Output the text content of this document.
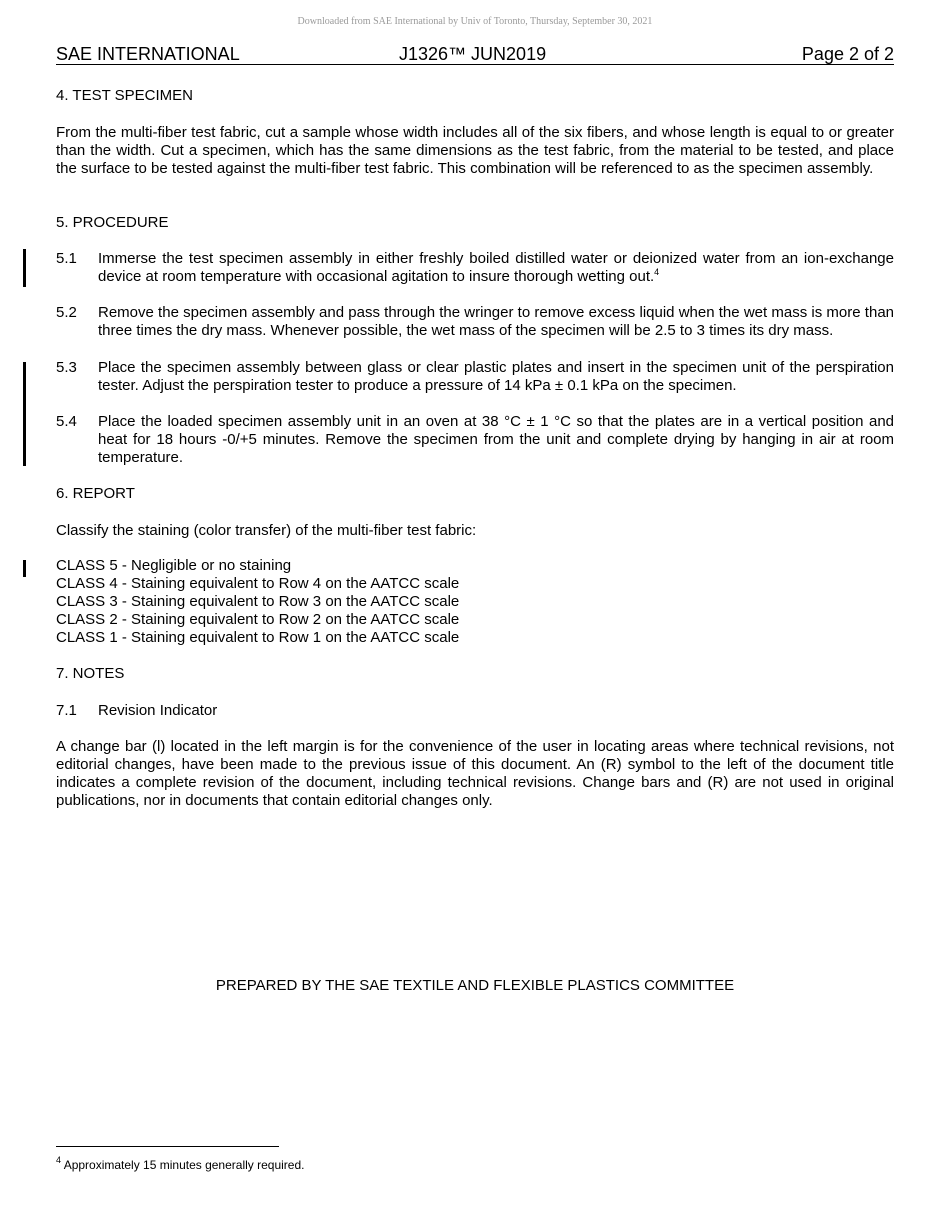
Downloaded from SAE International by Univ of Toronto, Thursday, September 30, 2021
SAE INTERNATIONAL	J1326™ JUN2019	Page 2 of 2
4. TEST SPECIMEN
From the multi-fiber test fabric, cut a sample whose width includes all of the six fibers, and whose length is equal to or greater than the width. Cut a specimen, which has the same dimensions as the test fabric, from the material to be tested, and place the surface to be tested against the multi-fiber test fabric. This combination will be referenced to as the specimen assembly.
5. PROCEDURE
5.1 Immerse the test specimen assembly in either freshly boiled distilled water or deionized water from an ion-exchange device at room temperature with occasional agitation to insure thorough wetting out.$^4$
5.2 Remove the specimen assembly and pass through the wringer to remove excess liquid when the wet mass is more than three times the dry mass. Whenever possible, the wet mass of the specimen will be 2.5 to 3 times its dry mass.
5.3 Place the specimen assembly between glass or clear plastic plates and insert in the specimen unit of the perspiration tester. Adjust the perspiration tester to produce a pressure of 14 kPa ± 0.1 kPa on the specimen.
5.4 Place the loaded specimen assembly unit in an oven at 38 °C ± 1 °C so that the plates are in a vertical position and heat for 18 hours -0/+5 minutes. Remove the specimen from the unit and complete drying by hanging in air at room temperature.
6. REPORT
Classify the staining (color transfer) of the multi-fiber test fabric:
CLASS 5 - Negligible or no staining
CLASS 4 - Staining equivalent to Row 4 on the AATCC scale
CLASS 3 - Staining equivalent to Row 3 on the AATCC scale
CLASS 2 - Staining equivalent to Row 2 on the AATCC scale
CLASS 1 - Staining equivalent to Row 1 on the AATCC scale
7. NOTES
7.1 Revision Indicator
A change bar (l) located in the left margin is for the convenience of the user in locating areas where technical revisions, not editorial changes, have been made to the previous issue of this document. An (R) symbol to the left of the document title indicates a complete revision of the document, including technical revisions. Change bars and (R) are not used in original publications, nor in documents that contain editorial changes only.
PREPARED BY THE SAE TEXTILE AND FLEXIBLE PLASTICS COMMITTEE
$^4$ Approximately 15 minutes generally required.
